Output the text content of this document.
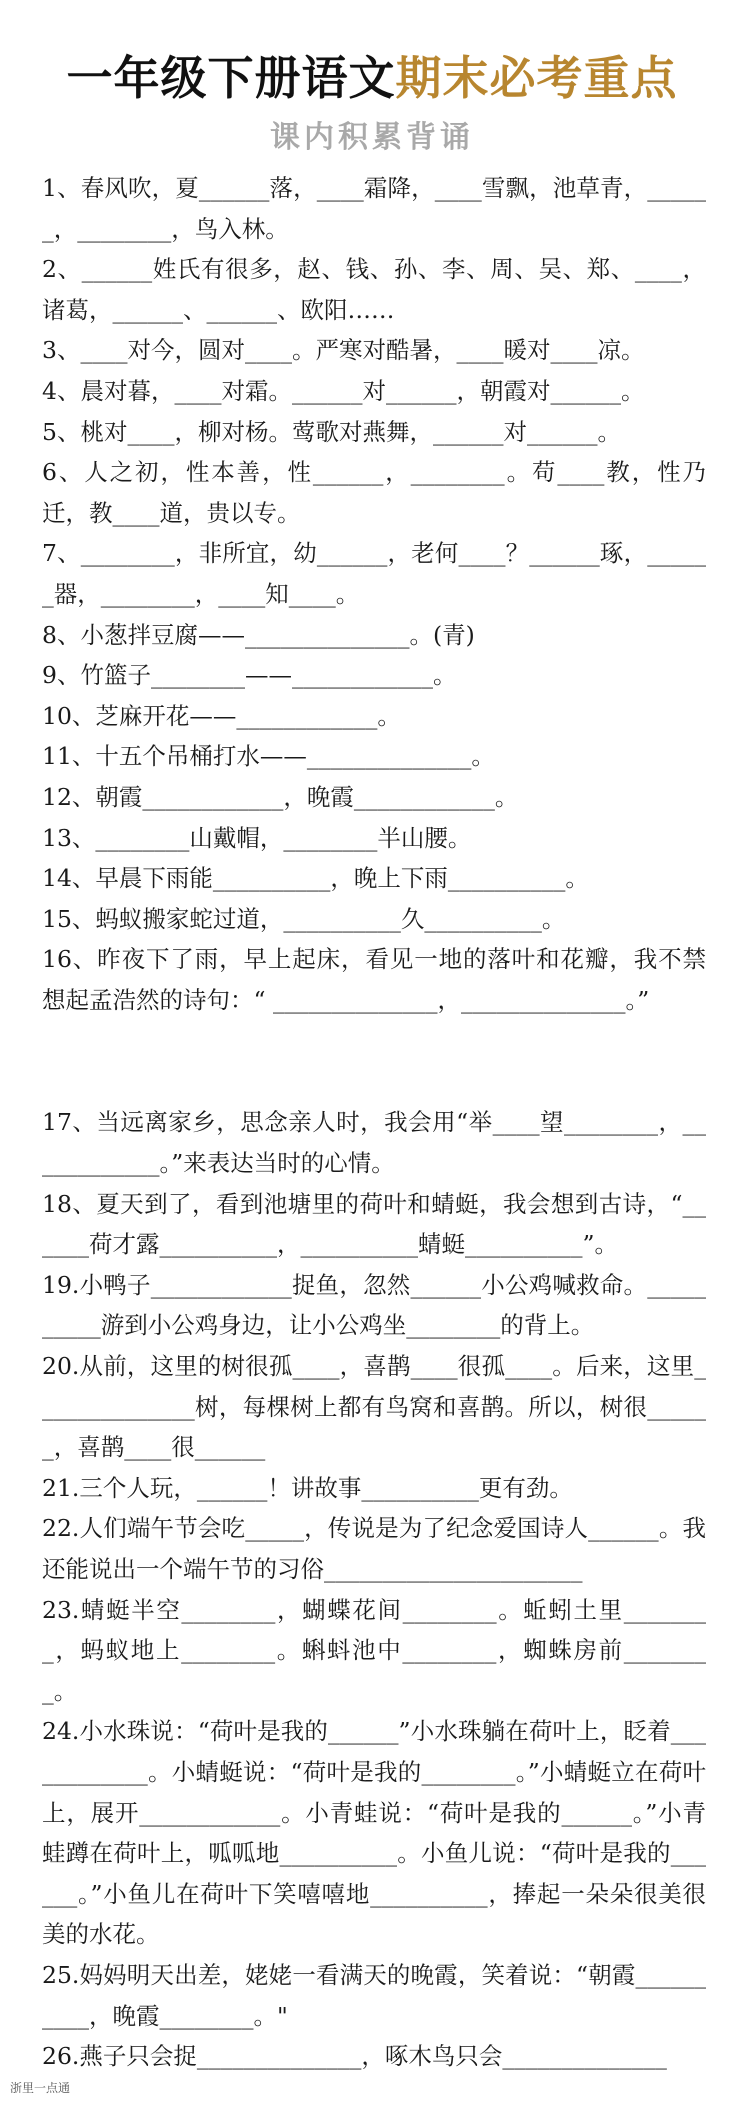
一年级下册语文期末必考重点
课内积累背诵
1、春风吹，夏______落，____霜降，____雪飘，池草青，______，________，鸟入林。
2、______姓氏有很多，赵、钱、孙、李、周、吴、郑、____，诸葛，______、______、欧阳……
3、____对今，圆对____。严寒对酷暑，____暖对____凉。
4、晨对暮，____对霜。______对______，朝霞对______。
5、桃对____，柳对杨。莺歌对燕舞，______对______。
6、人之初，性本善，性______，________。苟____教，性乃迁，教____道，贵以专。
7、________，非所宜，幼______，老何____？______琢，______器，________，____知____。
8、小葱拌豆腐——______________。(青)
9、竹篮子________——____________。
10、芝麻开花——____________。
11、十五个吊桶打水——______________。
12、朝霞____________，晚霞____________。
13、________山戴帽，________半山腰。
14、早晨下雨能__________，晚上下雨__________。
15、蚂蚁搬家蛇过道，__________久__________。
16、昨夜下了雨，早上起床，看见一地的落叶和花瓣，我不禁想起孟浩然的诗句：“ ______________，______________。”
17、当远离家乡，思念亲人时，我会用“举____望________，____________。”来表达当时的心情。
18、夏天到了，看到池塘里的荷叶和蜻蜓，我会想到古诗，“______荷才露__________，__________蜻蜓__________”。
19.小鸭子____________捉鱼，忽然______小公鸡喊救命。__________游到小公鸡身边，让小公鸡坐________的背上。
20.从前，这里的树很孤____，喜鹊____很孤____。后来，这里______________树，每棵树上都有鸟窝和喜鹊。所以，树很______，喜鹊____很______
21.三个人玩，______！讲故事__________更有劲。
22.人们端午节会吃_____，传说是为了纪念爱国诗人______。我还能说出一个端午节的习俗______________________
23.蜻蜓半空________，蝴蝶花间________。蚯蚓土里________，蚂蚁地上________。蝌蚪池中________，蜘蛛房前________。
24.小水珠说：“荷叶是我的______”小水珠躺在荷叶上，眨着____________。小蜻蜓说：“荷叶是我的________。”小蜻蜓立在荷叶上，展开____________。小青蛙说：“荷叶是我的______。”小青蛙蹲在荷叶上，呱呱地__________。小鱼儿说：“荷叶是我的______。”小鱼儿在荷叶下笑嘻嘻地__________，捧起一朵朵很美很美的水花。
25.妈妈明天出差，姥姥一看满天的晚霞，笑着说：“朝霞__________，晚霞________。"
26.燕子只会捉______________，啄木鸟只会______________
浙里一点通
